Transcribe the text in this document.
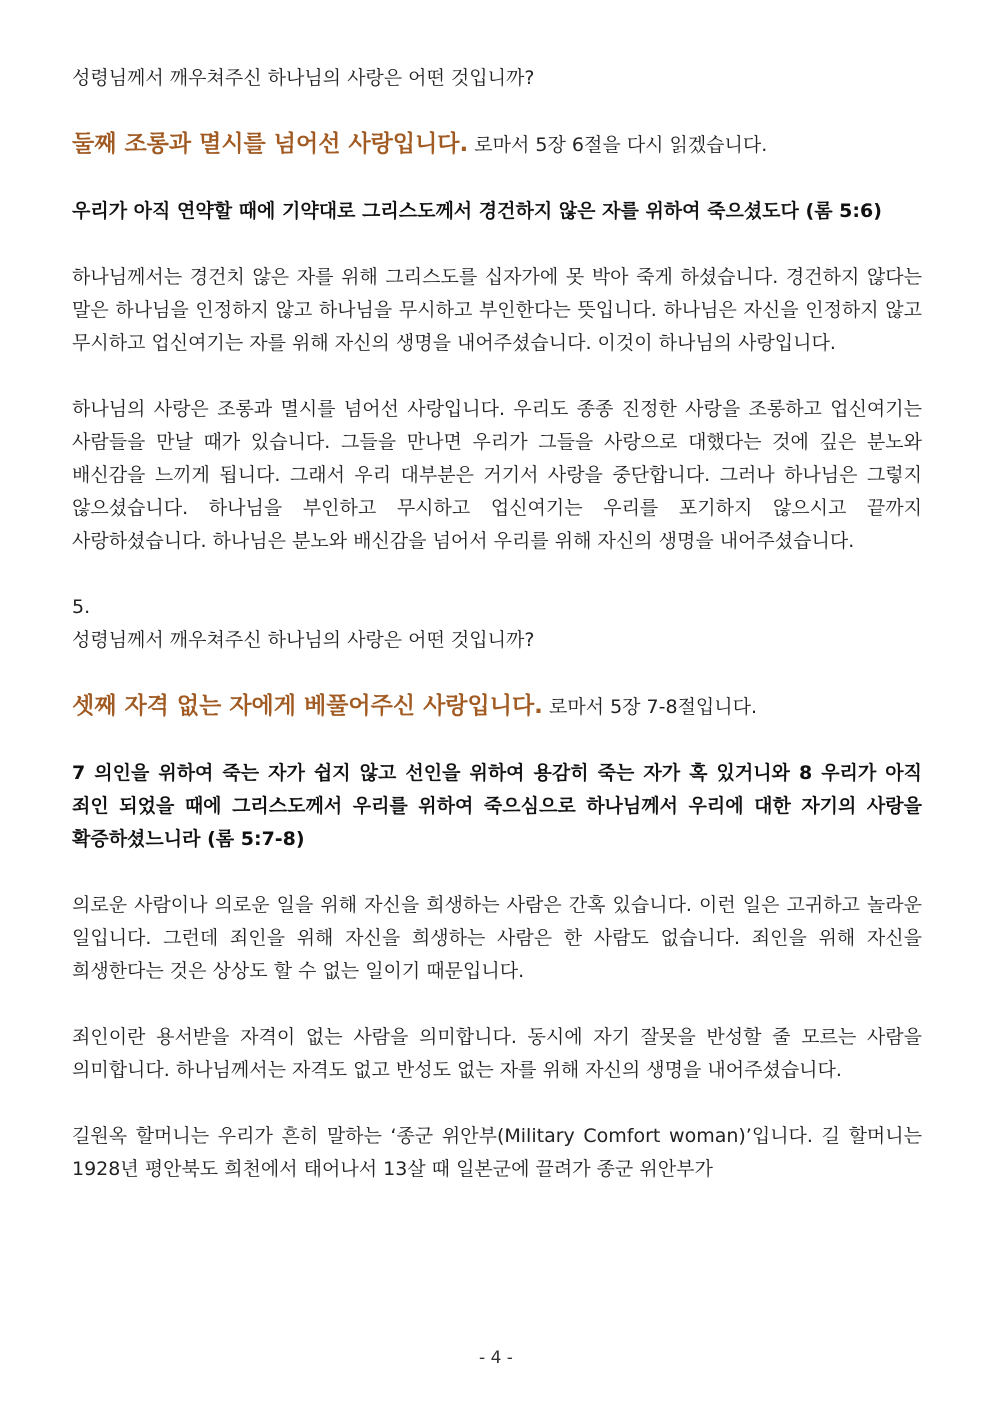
성령님께서 깨우쳐주신 하나님의 사랑은 어떤 것입니까?

둘째 조롱과 멸시를 넘어선 사랑입니다. 로마서 5장 6절을 다시 읽겠습니다.

우리가 아직 연약할 때에 기약대로 그리스도께서 경건하지 않은 자를 위하여 죽으셨도다 (롬 5:6)

하나님께서는 경건치 않은 자를 위해 그리스도를 십자가에 못 박아 죽게 하셨습니다. 경건하지 않다는 말은 하나님을 인정하지 않고 하나님을 무시하고 부인한다는 뜻입니다. 하나님은 자신을 인정하지 않고 무시하고 업신여기는 자를 위해 자신의 생명을 내어주셨습니다. 이것이 하나님의 사랑입니다.

하나님의 사랑은 조롱과 멸시를 넘어선 사랑입니다. 우리도 종종 진정한 사랑을 조롱하고 업신여기는 사람들을 만날 때가 있습니다. 그들을 만나면 우리가 그들을 사랑으로 대했다는 것에 깊은 분노와 배신감을 느끼게 됩니다. 그래서 우리 대부분은 거기서 사랑을 중단합니다. 그러나 하나님은 그렇지 않으셨습니다. 하나님을 부인하고 무시하고 업신여기는 우리를 포기하지 않으시고 끝까지 사랑하셨습니다. 하나님은 분노와 배신감을 넘어서 우리를 위해 자신의 생명을 내어주셨습니다.

5.

성령님께서 깨우쳐주신 하나님의 사랑은 어떤 것입니까?

셋째 자격 없는 자에게 베풀어주신 사랑입니다. 로마서 5장 7-8절입니다.

7 의인을 위하여 죽는 자가 쉽지 않고 선인을 위하여 용감히 죽는 자가 혹 있거니와 8 우리가 아직 죄인 되었을 때에 그리스도께서 우리를 위하여 죽으심으로 하나님께서 우리에 대한 자기의 사랑을 확증하셨느니라 (롬 5:7-8)

의로운 사람이나 의로운 일을 위해 자신을 희생하는 사람은 간혹 있습니다. 이런 일은 고귀하고 놀라운 일입니다. 그런데 죄인을 위해 자신을 희생하는 사람은 한 사람도 없습니다. 죄인을 위해 자신을 희생한다는 것은 상상도 할 수 없는 일이기 때문입니다.

죄인이란 용서받을 자격이 없는 사람을 의미합니다. 동시에 자기 잘못을 반성할 줄 모르는 사람을 의미합니다. 하나님께서는 자격도 없고 반성도 없는 자를 위해 자신의 생명을 내어주셨습니다.

길원옥 할머니는 우리가 흔히 말하는 ‘종군 위안부(Military Comfort woman)’입니다. 길 할머니는 1928년 평안북도 희천에서 태어나서 13살 때 일본군에 끌려가 종군 위안부가

- 4 -
